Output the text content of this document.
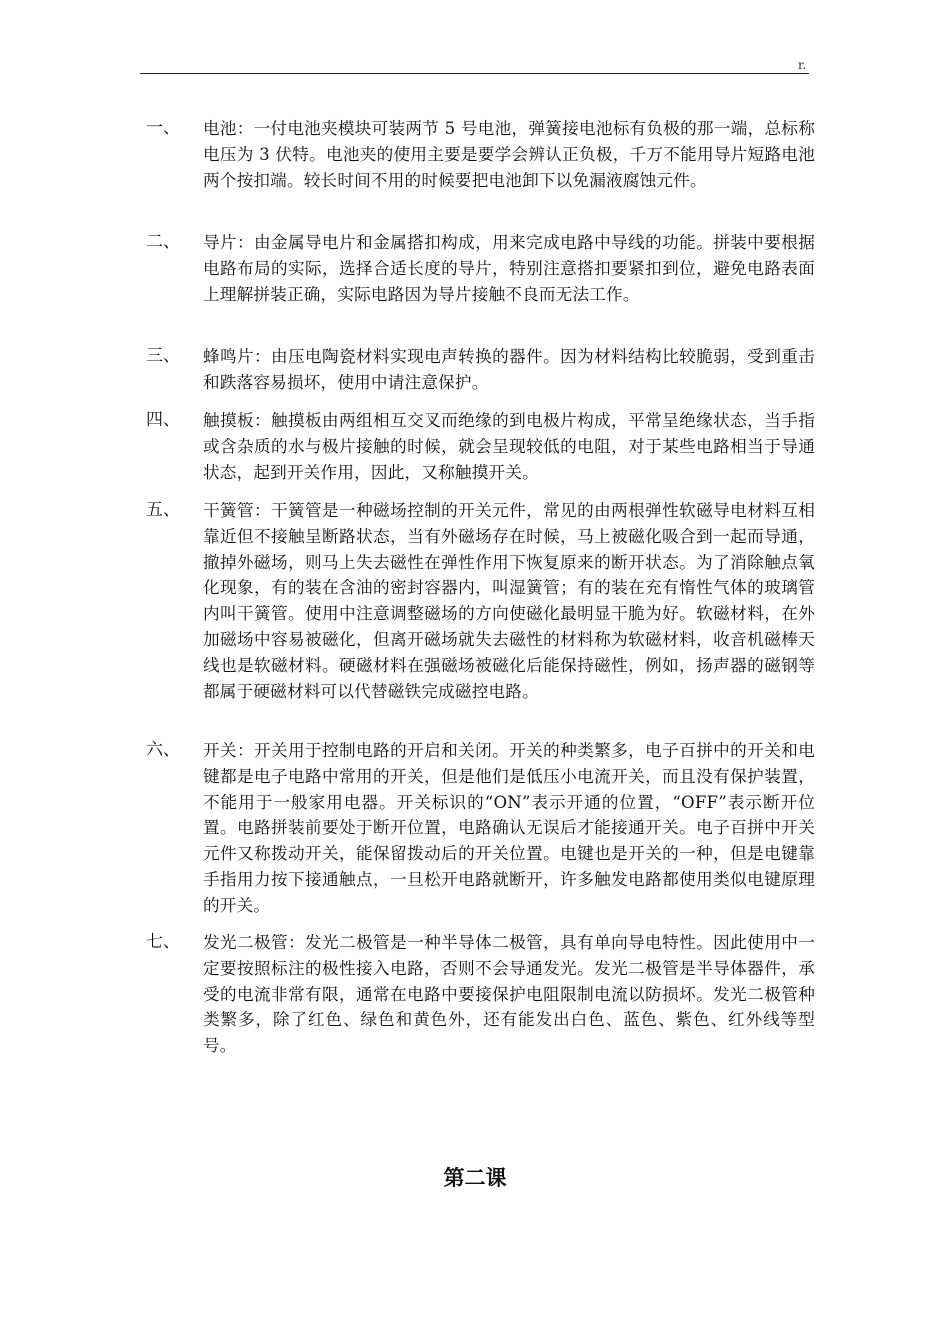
r.
一、	电池：一付电池夹模块可装两节 5 号电池，弹簧接电池标有负极的那一端，总标称电压为 3 伏特。电池夹的使用主要是要学会辨认正负极，千万不能用导片短路电池两个按扣端。较长时间不用的时候要把电池卸下以免漏液腐蚀元件。
二、	导片：由金属导电片和金属搭扣构成，用来完成电路中导线的功能。拼装中要根据电路布局的实际，选择合适长度的导片，特别注意搭扣要紧扣到位，避免电路表面上理解拼装正确，实际电路因为导片接触不良而无法工作。
三、	蜂鸣片：由压电陶瓷材料实现电声转换的器件。因为材料结构比较脆弱，受到重击和跌落容易损坏，使用中请注意保护。
四、	触摸板：触摸板由两组相互交叉而绝缘的到电极片构成，平常呈绝缘状态，当手指或含杂质的水与极片接触的时候，就会呈现较低的电阻，对于某些电路相当于导通状态，起到开关作用，因此，又称触摸开关。
五、	干簧管：干簧管是一种磁场控制的开关元件，常见的由两根弹性软磁导电材料互相靠近但不接触呈断路状态，当有外磁场存在时候，马上被磁化吸合到一起而导通，撤掉外磁场，则马上失去磁性在弹性作用下恢复原来的断开状态。为了消除触点氧化现象，有的装在含油的密封容器内，叫湿簧管；有的装在充有惰性气体的玻璃管内叫干簧管。使用中注意调整磁场的方向使磁化最明显干脆为好。软磁材料，在外加磁场中容易被磁化，但离开磁场就失去磁性的材料称为软磁材料，收音机磁棒天线也是软磁材料。硬磁材料在强磁场被磁化后能保持磁性，例如，扬声器的磁钢等都属于硬磁材料可以代替磁铁完成磁控电路。
六、	开关：开关用于控制电路的开启和关闭。开关的种类繁多，电子百拼中的开关和电键都是电子电路中常用的开关，但是他们是低压小电流开关，而且没有保护装置，不能用于一般家用电器。开关标识的“ON”表示开通的位置，“OFF”表示断开位置。电路拼装前要处于断开位置，电路确认无误后才能接通开关。电子百拼中开关元件又称拨动开关，能保留拨动后的开关位置。电键也是开关的一种，但是电键靠手指用力按下接通触点，一旦松开电路就断开，许多触发电路都使用类似电键原理的开关。
七、	发光二极管：发光二极管是一种半导体二极管，具有单向导电特性。因此使用中一定要按照标注的极性接入电路，否则不会导通发光。发光二极管是半导体器件，承受的电流非常有限，通常在电路中要接保护电阻限制电流以防损坏。发光二极管种类繁多，除了红色、绿色和黄色外，还有能发出白色、蓝色、紫色、红外线等型号。
第二课
